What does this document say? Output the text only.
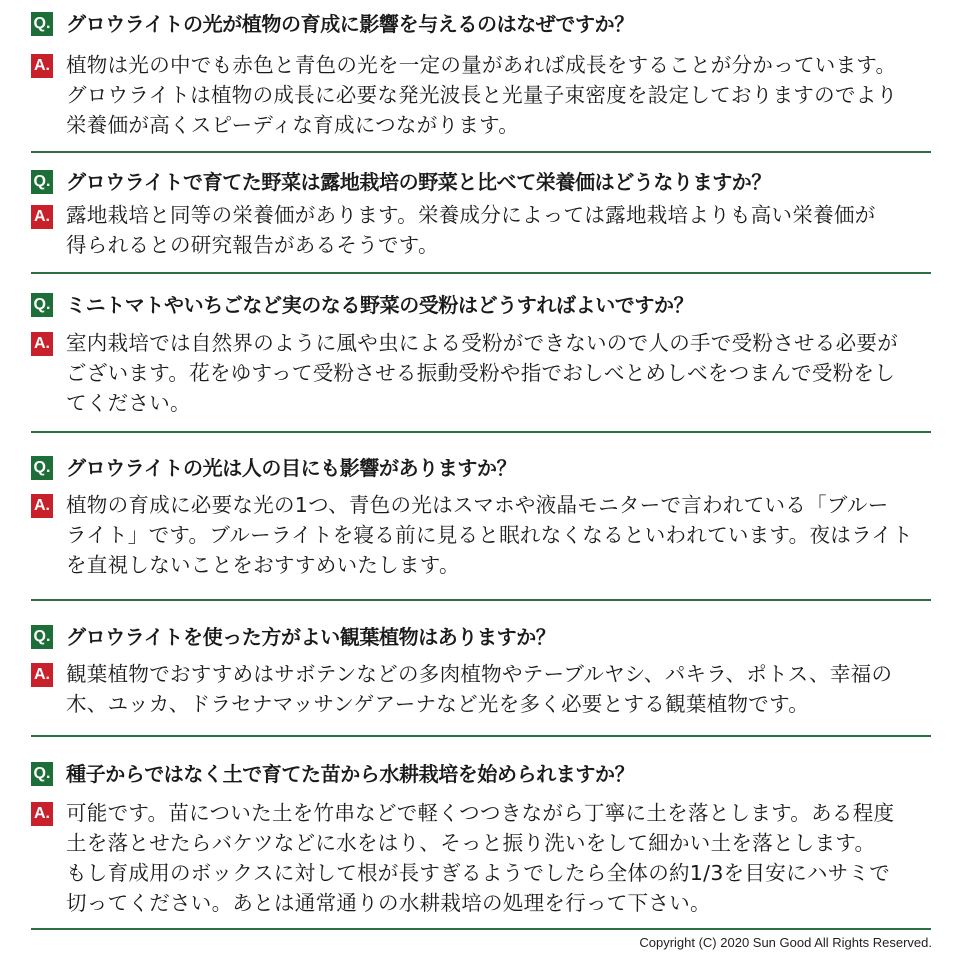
Q. グロウライトの光が植物の育成に影響を与えるのはなぜですか？
A. 植物は光の中でも赤色と青色の光を一定の量があれば成長をすることが分かっています。
グロウライトは植物の成長に必要な発光波長と光量子束密度を設定しておりますのでより
栄養価が高くスピーディな育成につながります。
Q. グロウライトで育てた野菜は露地栽培の野菜と比べて栄養価はどうなりますか？
A. 露地栽培と同等の栄養価があります。栄養成分によっては露地栽培よりも高い栄養価が
得られるとの研究報告があるそうです。
Q. ミニトマトやいちごなど実のなる野菜の受粉はどうすればよいですか？
A. 室内栽培では自然界のように風や虫による受粉ができないので人の手で受粉させる必要が
ございます。花をゆすって受粉させる振動受粉や指でおしべとめしべをつまんで受粉をし
てください。
Q. グロウライトの光は人の目にも影響がありますか？
A. 植物の育成に必要な光の1つ、青色の光はスマホや液晶モニターで言われている「ブルー
ライト」です。ブルーライトを寝る前に見ると眠れなくなるといわれています。夜はライト
を直視しないことをおすすめいたします。
Q. グロウライトを使った方がよい観葉植物はありますか？
A. 観葉植物でおすすめはサボテンなどの多肉植物やテーブルヤシ、パキラ、ポトス、幸福の
木、ユッカ、ドラセナマッサンゲアーナなど光を多く必要とする観葉植物です。
Q. 種子からではなく土で育てた苗から水耕栽培を始められますか？
A. 可能です。苗についた土を竹串などで軽くつつきながら丁寧に土を落とします。ある程度
土を落とせたらバケツなどに水をはり、そっと振り洗いをして細かい土を落とします。
もし育成用のボックスに対して根が長すぎるようでしたら全体の約1/3を目安にハサミで
切ってください。あとは通常通りの水耕栽培の処理を行って下さい。
Copyright (C) 2020 Sun Good All Rights Reserved.
